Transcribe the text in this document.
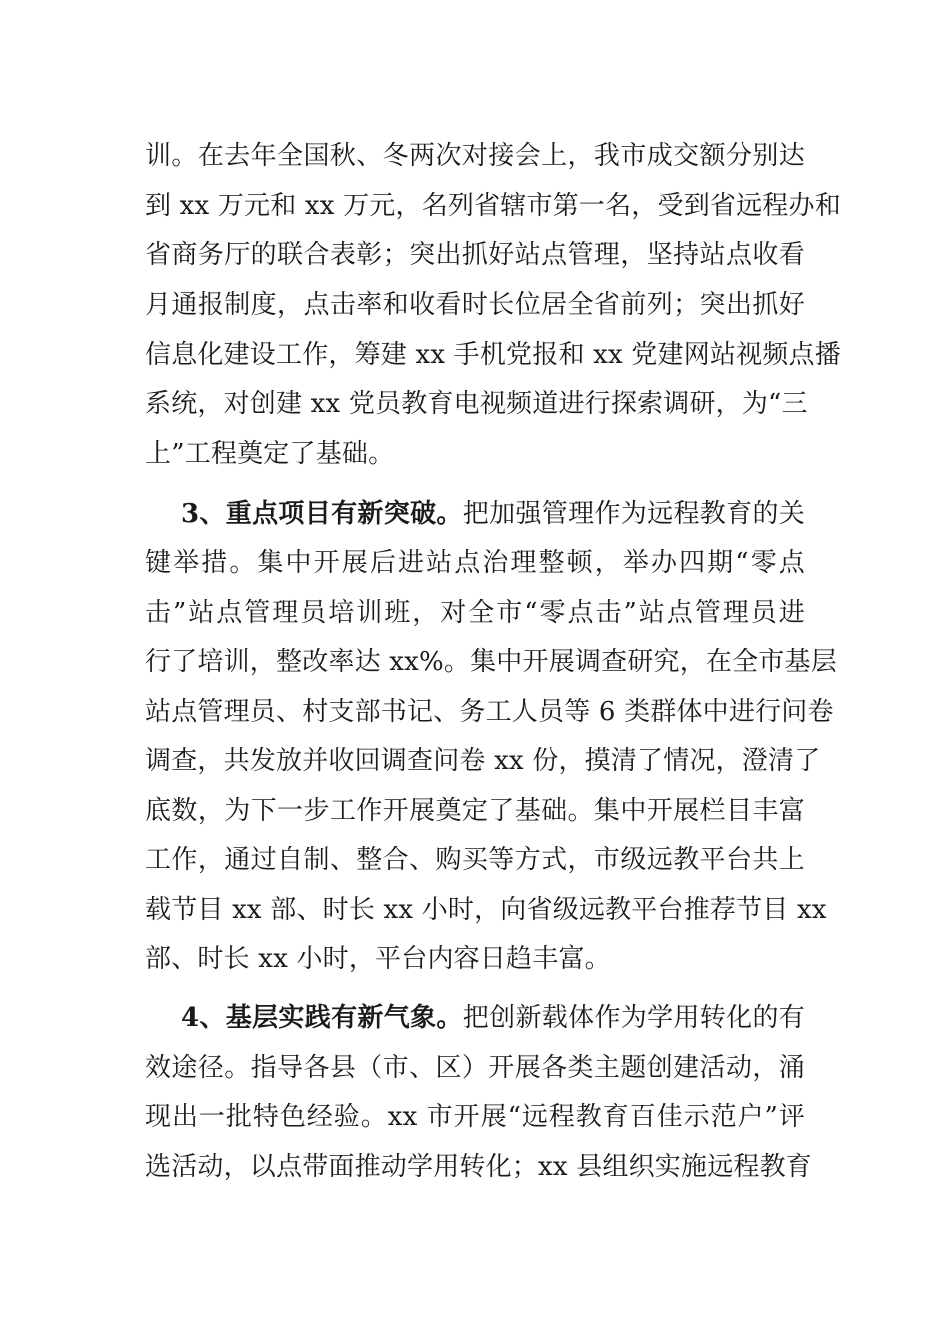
训。在去年全国秋、冬两次对接会上，我市成交额分别达
到 xx 万元和 xx 万元，名列省辖市第一名，受到省远程办和
省商务厅的联合表彰；突出抓好站点管理，坚持站点收看
月通报制度，点击率和收看时长位居全省前列；突出抓好
信息化建设工作，筹建 xx 手机党报和 xx 党建网站视频点播
系统，对创建 xx 党员教育电视频道进行探索调研，为“三
上”工程奠定了基础。
3、重点项目有新突破。把加强管理作为远程教育的关
键举措。集中开展后进站点治理整顿，举办四期“零点
击”站点管理员培训班，对全市“零点击”站点管理员进
行了培训，整改率达 xx%。集中开展调查研究，在全市基层
站点管理员、村支部书记、务工人员等 6 类群体中进行问卷
调查，共发放并收回调查问卷 xx 份，摸清了情况，澄清了
底数，为下一步工作开展奠定了基础。集中开展栏目丰富
工作，通过自制、整合、购买等方式，市级远教平台共上
载节目 xx 部、时长 xx 小时，向省级远教平台推荐节目 xx
部、时长 xx 小时，平台内容日趋丰富。
4、基层实践有新气象。把创新载体作为学用转化的有
效途径。指导各县（市、区）开展各类主题创建活动，涌
现出一批特色经验。xx 市开展“远程教育百佳示范户”评
选活动，以点带面推动学用转化；xx 县组织实施远程教育
